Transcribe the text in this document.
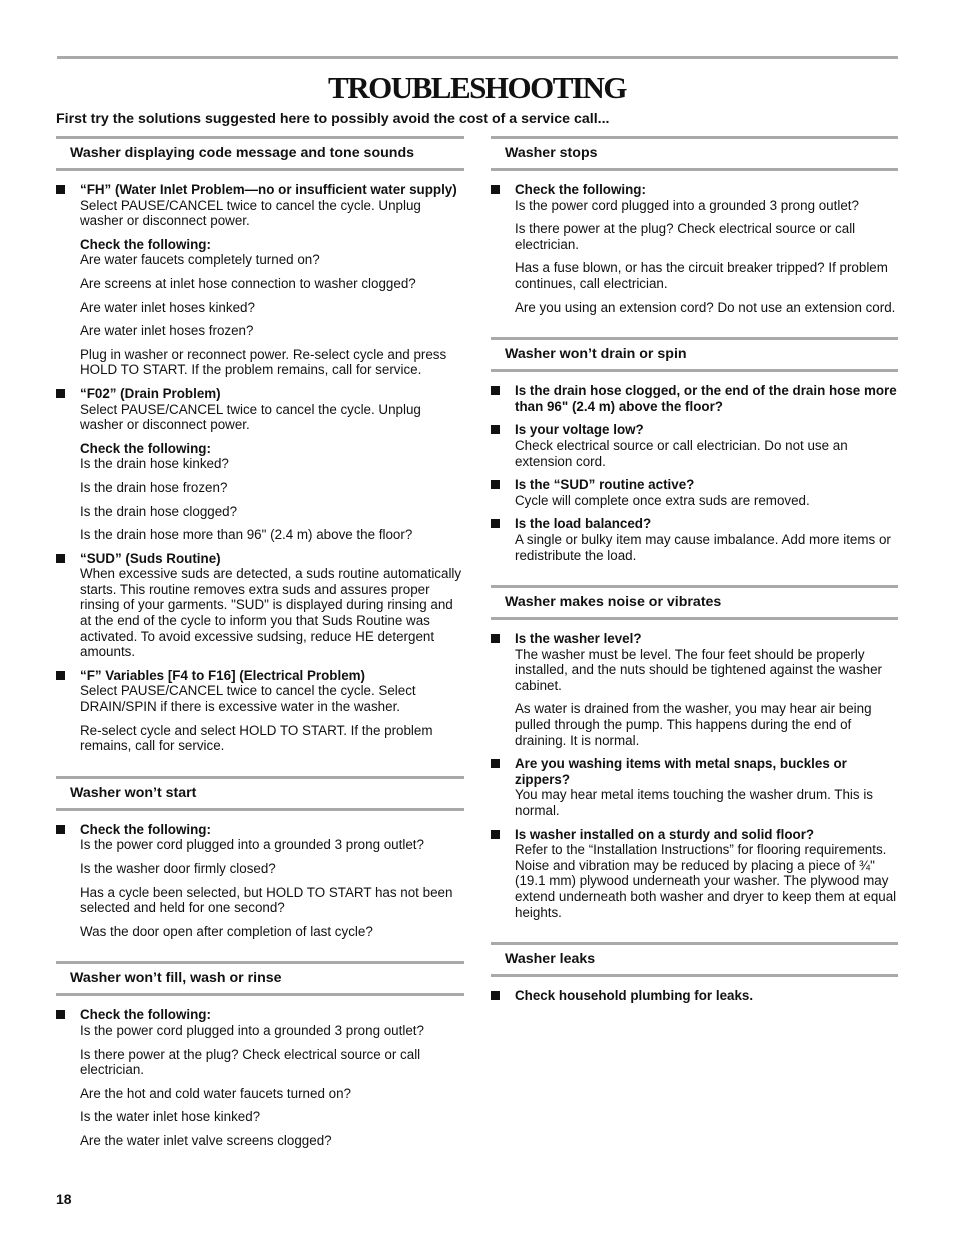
TROUBLESHOOTING
First try the solutions suggested here to possibly avoid the cost of a service call...
Washer displaying code message and tone sounds
“FH” (Water Inlet Problem—no or insufficient water supply) Select PAUSE/CANCEL twice to cancel the cycle. Unplug washer or disconnect power.
Check the following:
Are water faucets completely turned on?
Are screens at inlet hose connection to washer clogged?
Are water inlet hoses kinked?
Are water inlet hoses frozen?
Plug in washer or reconnect power. Re-select cycle and press HOLD TO START. If the problem remains, call for service.
“F02” (Drain Problem)
Select PAUSE/CANCEL twice to cancel the cycle. Unplug washer or disconnect power.
Check the following:
Is the drain hose kinked?
Is the drain hose frozen?
Is the drain hose clogged?
Is the drain hose more than 96" (2.4 m) above the floor?
“SUD” (Suds Routine)
When excessive suds are detected, a suds routine automatically starts. This routine removes extra suds and assures proper rinsing of your garments. "SUD" is displayed during rinsing and at the end of the cycle to inform you that Suds Routine was activated. To avoid excessive sudsing, reduce HE detergent amounts.
“F” Variables [F4 to F16] (Electrical Problem)
Select PAUSE/CANCEL twice to cancel the cycle. Select DRAIN/SPIN if there is excessive water in the washer.
Re-select cycle and select HOLD TO START. If the problem remains, call for service.
Washer won’t start
Check the following:
Is the power cord plugged into a grounded 3 prong outlet?
Is the washer door firmly closed?
Has a cycle been selected, but HOLD TO START has not been selected and held for one second?
Was the door open after completion of last cycle?
Washer won’t fill, wash or rinse
Check the following:
Is the power cord plugged into a grounded 3 prong outlet?
Is there power at the plug? Check electrical source or call electrician.
Are the hot and cold water faucets turned on?
Is the water inlet hose kinked?
Are the water inlet valve screens clogged?
Washer stops
Check the following:
Is the power cord plugged into a grounded 3 prong outlet?
Is there power at the plug? Check electrical source or call electrician.
Has a fuse blown, or has the circuit breaker tripped? If problem continues, call electrician.
Are you using an extension cord? Do not use an extension cord.
Washer won’t drain or spin
Is the drain hose clogged, or the end of the drain hose more than 96" (2.4 m) above the floor?
Is your voltage low?
Check electrical source or call electrician. Do not use an extension cord.
Is the “SUD” routine active?
Cycle will complete once extra suds are removed.
Is the load balanced?
A single or bulky item may cause imbalance. Add more items or redistribute the load.
Washer makes noise or vibrates
Is the washer level?
The washer must be level. The four feet should be properly installed, and the nuts should be tightened against the washer cabinet.
As water is drained from the washer, you may hear air being pulled through the pump. This happens during the end of draining. It is normal.
Are you washing items with metal snaps, buckles or zippers?
You may hear metal items touching the washer drum. This is normal.
Is washer installed on a sturdy and solid floor?
Refer to the “Installation Instructions” for flooring requirements. Noise and vibration may be reduced by placing a piece of ¾" (19.1 mm) plywood underneath your washer. The plywood may extend underneath both washer and dryer to keep them at equal heights.
Washer leaks
Check household plumbing for leaks.
18
